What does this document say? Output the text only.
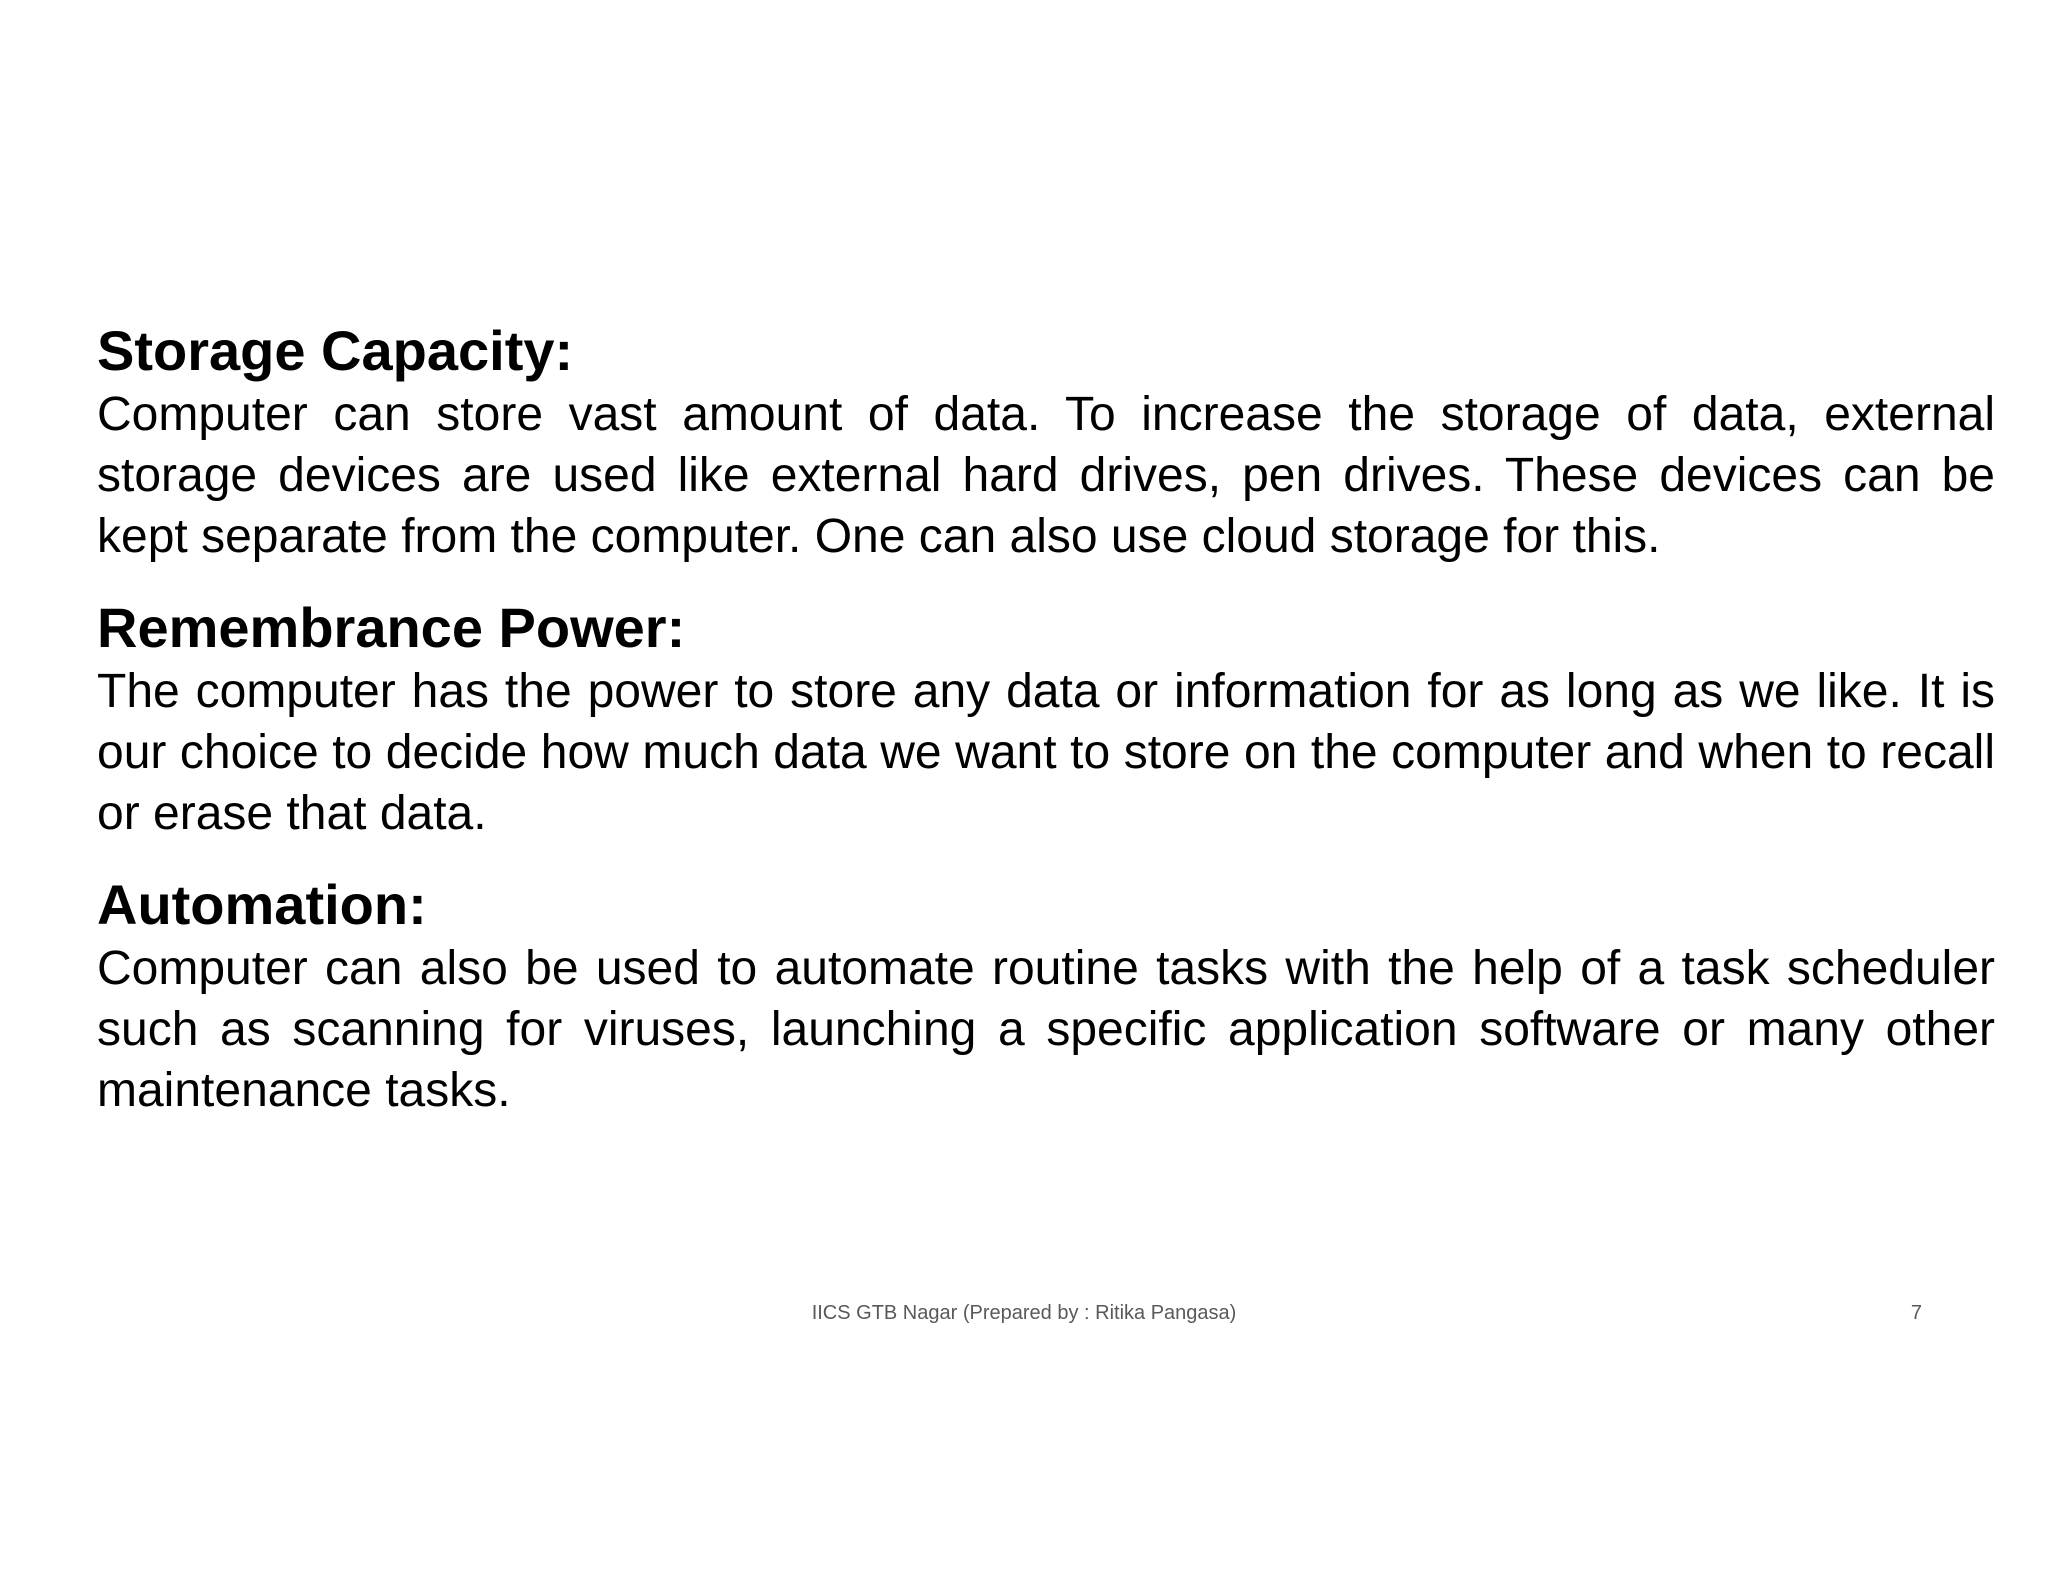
Storage Capacity:

Computer can store vast amount of data. To increase the storage of data, external storage devices are used like external hard drives, pen drives. These devices can be kept separate from the computer. One can also use cloud storage for this.

Remembrance Power:

The computer has the power to store any data or information for as long as we like. It is our choice to decide how much data we want to store on the computer and when to recall or erase that data.

Automation:

Computer can also be used to automate routine tasks with the help of a task scheduler such as scanning for viruses, launching a specific application software or many other maintenance tasks.

IICS GTB Nagar (Prepared by : Ritika Pangasa)	7
